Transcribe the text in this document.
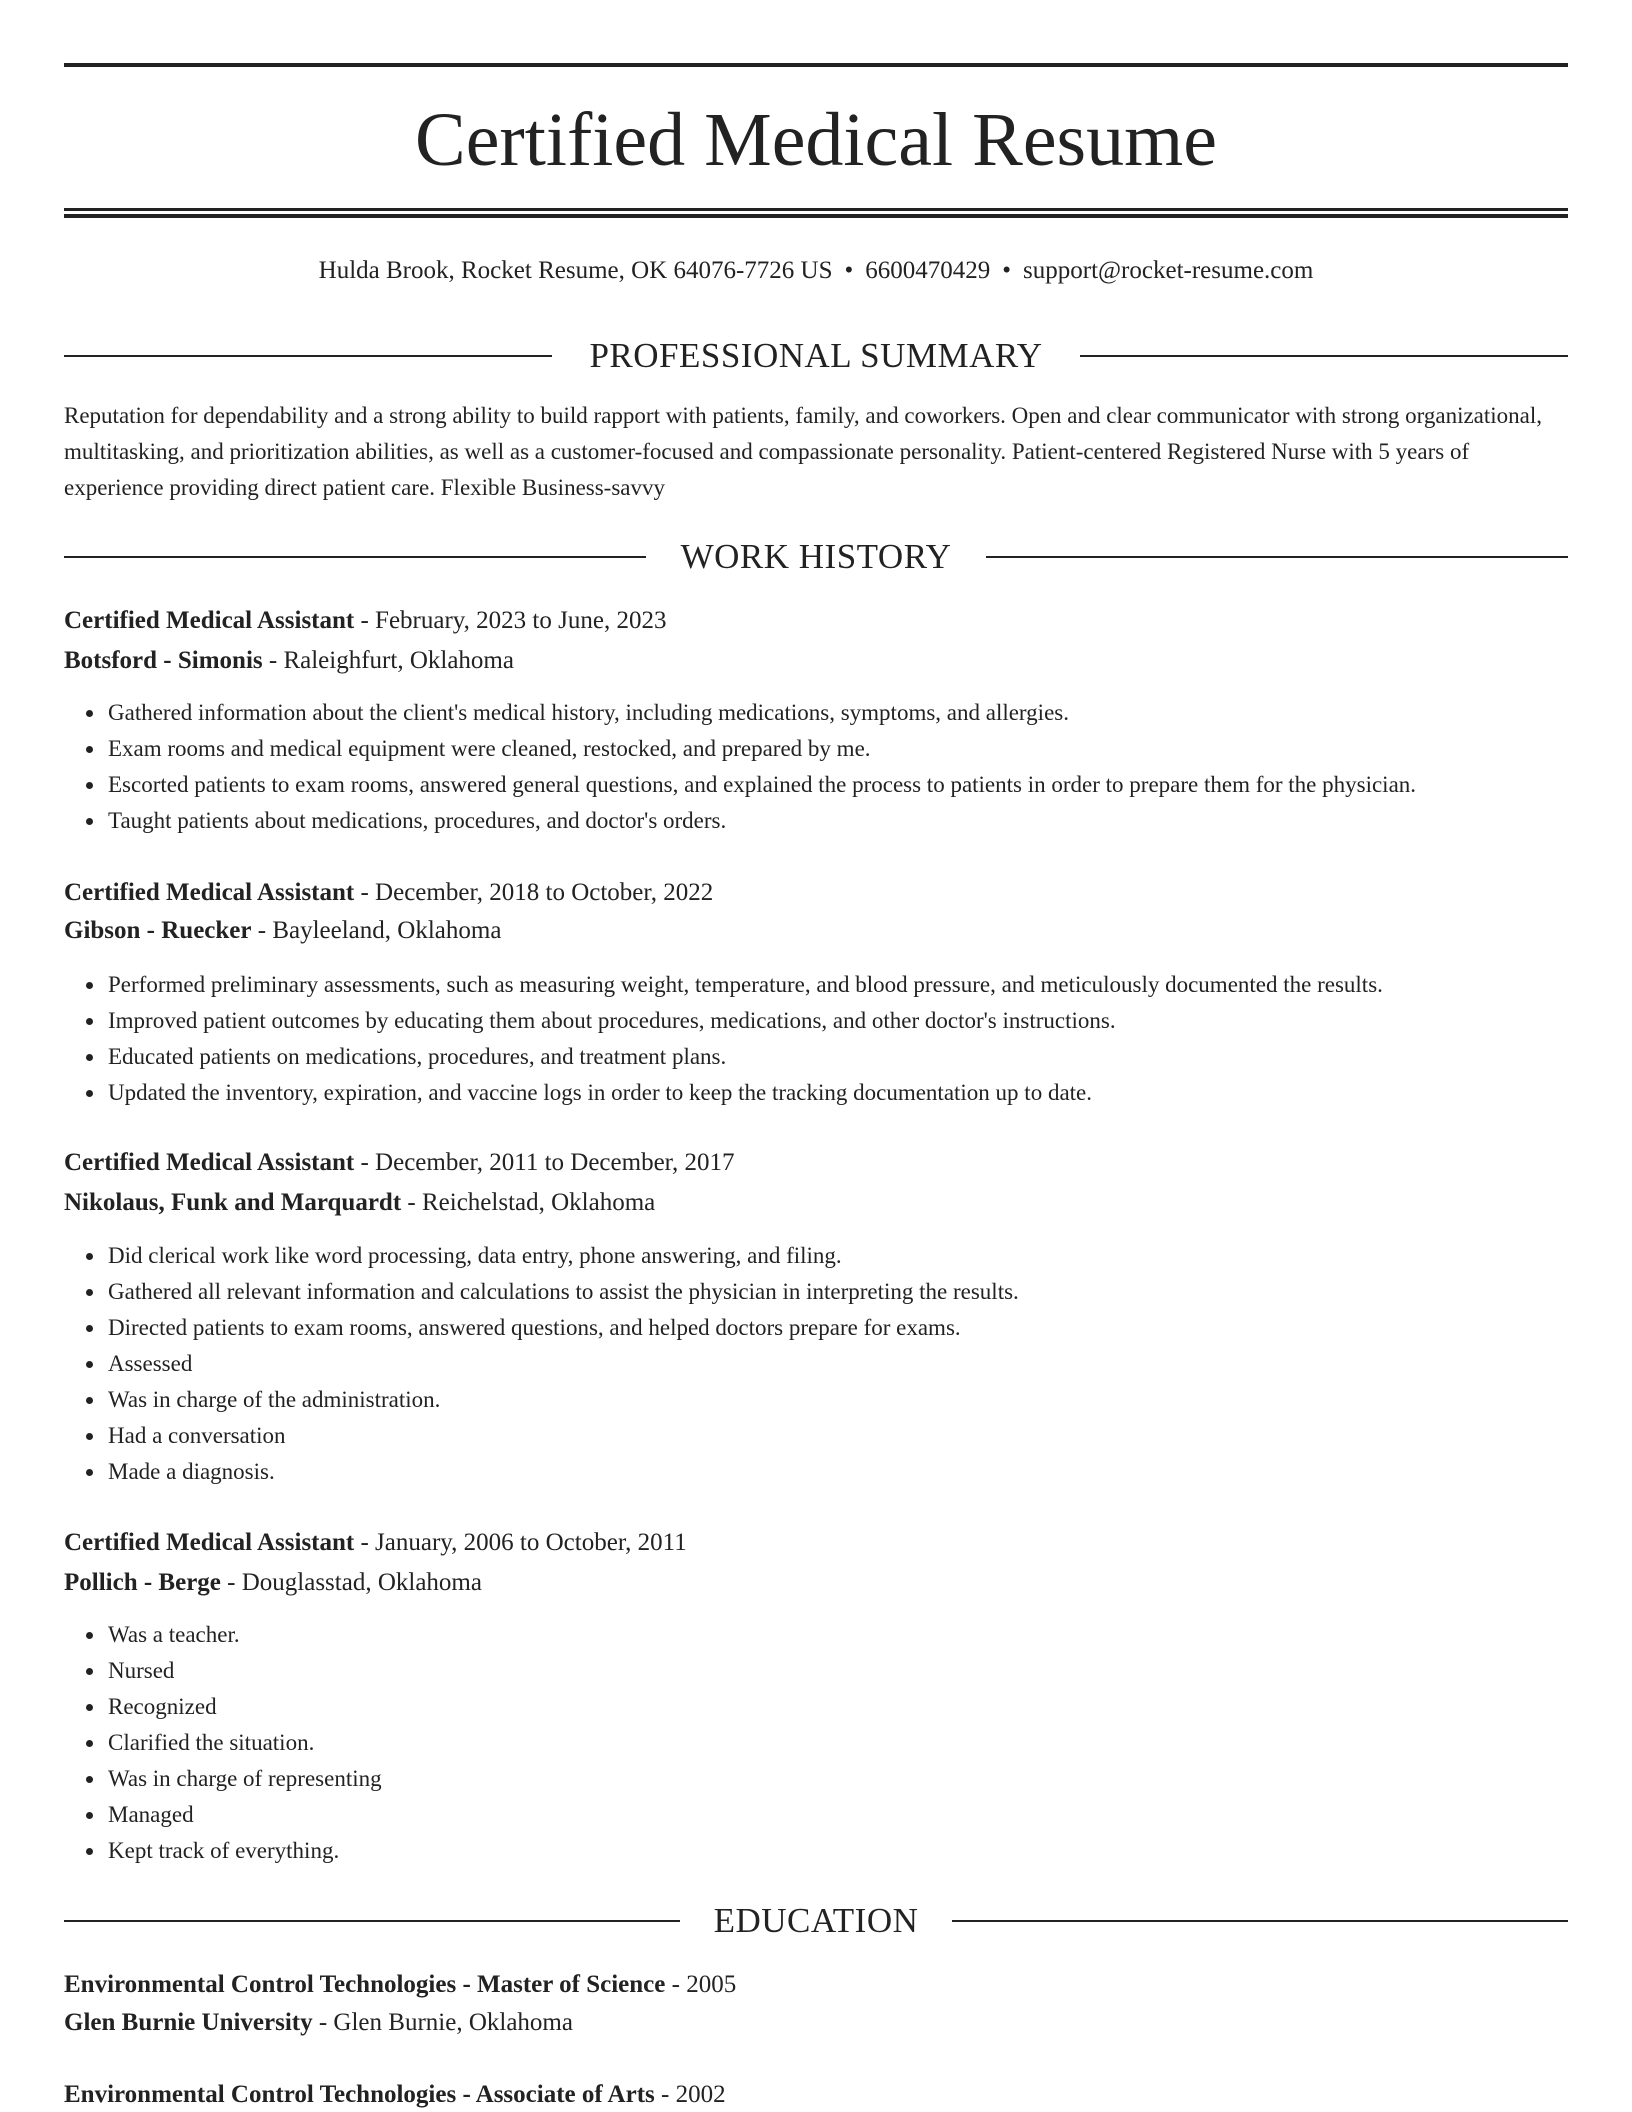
Certified Medical Resume
Hulda Brook, Rocket Resume, OK 64076-7726 US • 6600470429 • support@rocket-resume.com
PROFESSIONAL SUMMARY
Reputation for dependability and a strong ability to build rapport with patients, family, and coworkers. Open and clear communicator with strong organizational, multitasking, and prioritization abilities, as well as a customer-focused and compassionate personality. Patient-centered Registered Nurse with 5 years of experience providing direct patient care. Flexible Business-savvy
WORK HISTORY
Certified Medical Assistant - February, 2023 to June, 2023
Botsford - Simonis - Raleighfurt, Oklahoma
Gathered information about the client's medical history, including medications, symptoms, and allergies.
Exam rooms and medical equipment were cleaned, restocked, and prepared by me.
Escorted patients to exam rooms, answered general questions, and explained the process to patients in order to prepare them for the physician.
Taught patients about medications, procedures, and doctor's orders.
Certified Medical Assistant - December, 2018 to October, 2022
Gibson - Ruecker - Bayleeland, Oklahoma
Performed preliminary assessments, such as measuring weight, temperature, and blood pressure, and meticulously documented the results.
Improved patient outcomes by educating them about procedures, medications, and other doctor's instructions.
Educated patients on medications, procedures, and treatment plans.
Updated the inventory, expiration, and vaccine logs in order to keep the tracking documentation up to date.
Certified Medical Assistant - December, 2011 to December, 2017
Nikolaus, Funk and Marquardt - Reichelstad, Oklahoma
Did clerical work like word processing, data entry, phone answering, and filing.
Gathered all relevant information and calculations to assist the physician in interpreting the results.
Directed patients to exam rooms, answered questions, and helped doctors prepare for exams.
Assessed
Was in charge of the administration.
Had a conversation
Made a diagnosis.
Certified Medical Assistant - January, 2006 to October, 2011
Pollich - Berge - Douglasstad, Oklahoma
Was a teacher.
Nursed
Recognized
Clarified the situation.
Was in charge of representing
Managed
Kept track of everything.
EDUCATION
Environmental Control Technologies - Master of Science - 2005
Glen Burnie University - Glen Burnie, Oklahoma
Environmental Control Technologies - Associate of Arts - 2002
